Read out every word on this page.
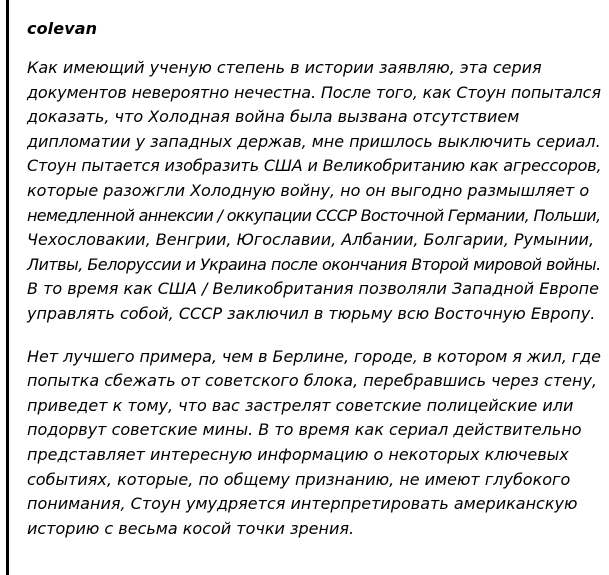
colevan

Как имеющий ученую степень в истории заявляю, эта серия
документов невероятно нечестна. После того, как Стоун попытался
доказать, что Холодная война была вызвана отсутствием
дипломатии у западных держав, мне пришлось выключить сериал.
Стоун пытается изобразить США и Великобританию как агрессоров,
которые разожгли Холодную войну, но он выгодно размышляет о
немедленной аннексии / оккупации СССР Восточной Германии, Польши,
Чехословакии, Венгрии, Югославии, Албании, Болгарии, Румынии,
Литвы, Белоруссии и Украина после окончания Второй мировой войны.
В то время как США / Великобритания позволяли Западной Европе
управлять собой, СССР заключил в тюрьму всю Восточную Европу.

Нет лучшего примера, чем в Берлине, городе, в котором я жил, где
попытка сбежать от советского блока, перебравшись через стену,
приведет к тому, что вас застрелят советские полицейские или
подорвут советские мины. В то время как сериал действительно
представляет интересную информацию о некоторых ключевых
событиях, которые, по общему признанию, не имеют глубокого
понимания, Стоун умудряется интерпретировать американскую
историю с весьма косой точки зрения.
